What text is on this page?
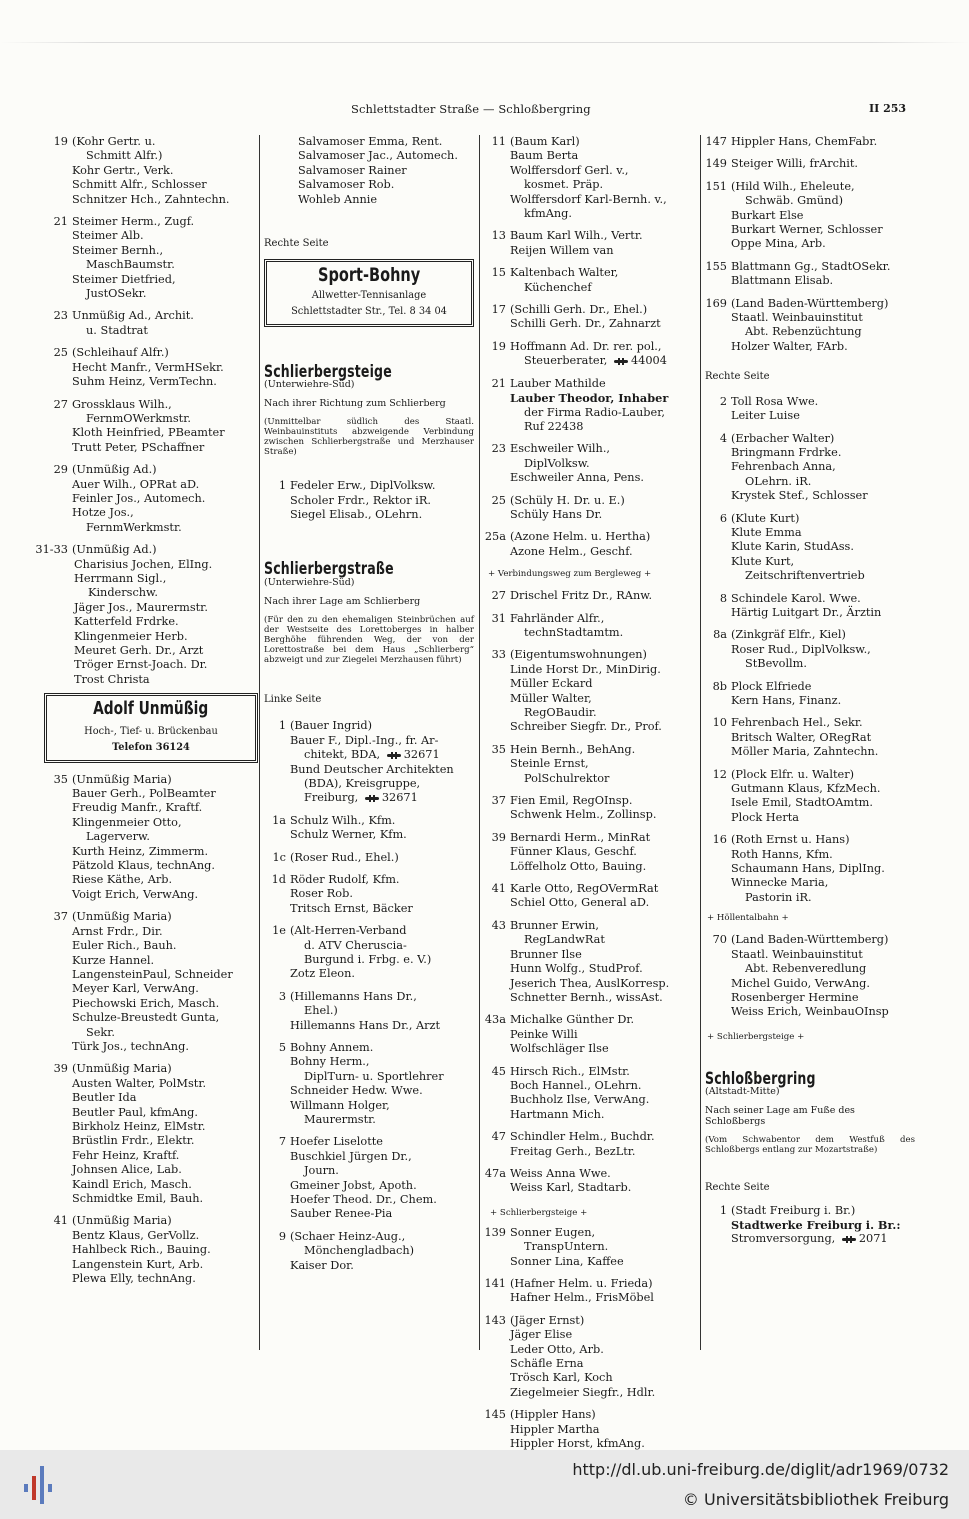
Schlettstadter Straße — Schloßbergring	II 253
19 (Kohr Gertr. u.
Schmitt Alfr.)
Kohr Gertr., Verk.
Schmitt Alfr., Schlosser
Schnitzer Hch., Zahntechn.
21 Steimer Herm., Zugf.
Steimer Alb.
Steimer Bernh.,
MaschBaumstr.
Steimer Dietfried,
JustOSekr.
23 Unmüßig Ad., Archit.
u. Stadtrat
25 (Schleihauf Alfr.)
Hecht Manfr., VermHSekr.
Suhm Heinz, VermTechn.
27 Grossklaus Wilh.,
FernmOWerkmstr.
Kloth Heinfried, PBeamter
Trutt Peter, PSchaffner
29 (Unmüßig Ad.)
Auer Wilh., OPRat aD.
Feinler Jos., Automech.
Hotze Jos.,
FernmWerkmstr.
31-33 (Unmüßig Ad.)
Charisius Jochen, ElIng.
Herrmann Sigl.,
Kinderschw.
Jäger Jos., Maurermstr.
Katterfeld Frdrke.
Klingenmeier Herb.
Meuret Gerh. Dr., Arzt
Tröger Ernst-Joach. Dr.
Trost Christa
Adolf Unmüßig
Hoch-, Tief- u. Brückenbau
Telefon 36124
35 (Unmüßig Maria)
Bauer Gerh., PolBeamter
Freudig Manfr., Kraftf.
Klingenmeier Otto,
Lagerverw.
Kurth Heinz, Zimmerm.
Pätzold Klaus, technAng.
Riese Käthe, Arb.
Voigt Erich, VerwAng.
37 (Unmüßig Maria)
Arnst Frdr., Dir.
Euler Rich., Bauh.
Kurze Hannel.
LangensteinPaul, Schneider
Meyer Karl, VerwAng.
Piechowski Erich, Masch.
Schulze-Breustedt Gunta,
Sekr.
Türk Jos., technAng.
39 (Unmüßig Maria)
Austen Walter, PolMstr.
Beutler Ida
Beutler Paul, kfmAng.
Birkholz Heinz, ElMstr.
Brüstlin Frdr., Elektr.
Fehr Heinz, Kraftf.
Johnsen Alice, Lab.
Kaindl Erich, Masch.
Schmidtke Emil, Bauh.
41 (Unmüßig Maria)
Bentz Klaus, GerVollz.
Hahlbeck Rich., Bauing.
Langenstein Kurt, Arb.
Plewa Elly, technAng.
Salvamoser Emma, Rent.
Salvamoser Jac., Automech.
Salvamoser Rainer
Salvamoser Rob.
Wohleb Annie
Rechte Seite
Sport-Bohny
Allwetter-Tennisanlage
Schlettstadter Str., Tel. 8 34 04
Schlierbergsteige
(Unterwiehre-Süd)
Nach ihrer Richtung zum Schlierberg
(Unmittelbar südlich des Staatl. Weinbauinstituts abzweigende Verbindung zwischen Schlierbergstraße und Merzhauser Straße)
1 Fedeler Erw., DiplVolksw.
Scholer Frdr., Rektor iR.
Siegel Elisab., OLehrn.
Schlierbergstraße
(Unterwiehre-Süd)
Nach ihrer Lage am Schlierberg
(Für den zu den ehemaligen Steinbrüchen auf der Westseite des Lorettoberges in halber Berghöhe führenden Weg, der von der Lorettostraße bei dem Haus „Schlierberg“ abzweigt und zur Ziegelei Merzhausen führt)
Linke Seite
1 (Bauer Ingrid)
Bauer F., Dipl.-Ing., fr. Ar-
chitekt, BDA, 32671
Bund Deutscher Architekten
(BDA), Kreisgruppe,
Freiburg, 32671
1a Schulz Wilh., Kfm.
Schulz Werner, Kfm.
1c (Roser Rud., Ehel.)
1d Röder Rudolf, Kfm.
Roser Rob.
Tritsch Ernst, Bäcker
1e (Alt-Herren-Verband
d. ATV Cheruscia-
Burgund i. Frbg. e. V.)
Zotz Eleon.
3 (Hillemanns Hans Dr.,
Ehel.)
Hillemanns Hans Dr., Arzt
5 Bohny Annem.
Bohny Herm.,
DiplTurn- u. Sportlehrer
Schneider Hedw. Wwe.
Willmann Holger,
Maurermstr.
7 Hoefer Liselotte
Buschkiel Jürgen Dr.,
Journ.
Gmeiner Jobst, Apoth.
Hoefer Theod. Dr., Chem.
Sauber Renee-Pia
9 (Schaer Heinz-Aug.,
Mönchengladbach)
Kaiser Dor.
11 (Baum Karl)
Baum Berta
Wolffersdorf Gerl. v.,
kosmet. Präp.
Wolffersdorf Karl-Bernh. v.,
kfmAng.
13 Baum Karl Wilh., Vertr.
Reijen Willem van
15 Kaltenbach Walter,
Küchenchef
17 (Schilli Gerh. Dr., Ehel.)
Schilli Gerh. Dr., Zahnarzt
19 Hoffmann Ad. Dr. rer. pol.,
Steuerberater, 44004
21 Lauber Mathilde
Lauber Theodor, Inhaber
der Firma Radio-Lauber,
Ruf 22438
23 Eschweiler Wilh.,
DiplVolksw.
Eschweiler Anna, Pens.
25 (Schüly H. Dr. u. E.)
Schüly Hans Dr.
25a (Azone Helm. u. Hertha)
Azone Helm., Geschf.
+ Verbindungsweg zum Bergleweg +
27 Drischel Fritz Dr., RAnw.
31 Fahrländer Alfr.,
technStadtamtm.
33 (Eigentumswohnungen)
Linde Horst Dr., MinDirig.
Müller Eckard
Müller Walter,
RegOBaudir.
Schreiber Siegfr. Dr., Prof.
35 Hein Bernh., BehAng.
Steinle Ernst,
PolSchulrektor
37 Fien Emil, RegOInsp.
Schwenk Helm., Zollinsp.
39 Bernardi Herm., MinRat
Fünner Klaus, Geschf.
Löffelholz Otto, Bauing.
41 Karle Otto, RegOVermRat
Schiel Otto, General aD.
43 Brunner Erwin,
RegLandwRat
Brunner Ilse
Hunn Wolfg., StudProf.
Jeserich Thea, AuslKorresp.
Schnetter Bernh., wissAst.
43a Michalke Günther Dr.
Peinke Willi
Wolfschläger Ilse
45 Hirsch Rich., ElMstr.
Boch Hannel., OLehrn.
Buchholz Ilse, VerwAng.
Hartmann Mich.
47 Schindler Helm., Buchdr.
Freitag Gerh., BezLtr.
47a Weiss Anna Wwe.
Weiss Karl, Stadtarb.
+ Schlierbergsteige +
139 Sonner Eugen,
TranspUntern.
Sonner Lina, Kaffee
141 (Hafner Helm. u. Frieda)
Hafner Helm., FrisMöbel
143 (Jäger Ernst)
Jäger Elise
Leder Otto, Arb.
Schäfle Erna
Trösch Karl, Koch
Ziegelmeier Siegfr., Hdlr.
145 (Hippler Hans)
Hippler Martha
Hippler Horst, kfmAng.
147 Hippler Hans, ChemFabr.
149 Steiger Willi, frArchit.
151 (Hild Wilh., Eheleute,
Schwäb. Gmünd)
Burkart Else
Burkart Werner, Schlosser
Oppe Mina, Arb.
155 Blattmann Gg., StadtOSekr.
Blattmann Elisab.
169 (Land Baden-Württemberg)
Staatl. Weinbauinstitut
Abt. Rebenzüchtung
Holzer Walter, FArb.
Rechte Seite
2 Toll Rosa Wwe.
Leiter Luise
4 (Erbacher Walter)
Bringmann Frdrke.
Fehrenbach Anna,
OLehrn. iR.
Krystek Stef., Schlosser
6 (Klute Kurt)
Klute Emma
Klute Karin, StudAss.
Klute Kurt,
Zeitschriftenvertrieb
8 Schindele Karol. Wwe.
Härtig Luitgart Dr., Ärztin
8a (Zinkgräf Elfr., Kiel)
Roser Rud., DiplVolksw.,
StBevollm.
8b Plock Elfriede
Kern Hans, Finanz.
10 Fehrenbach Hel., Sekr.
Britsch Walter, ORegRat
Möller Maria, Zahntechn.
12 (Plock Elfr. u. Walter)
Gutmann Klaus, KfzMech.
Isele Emil, StadtOAmtm.
Plock Herta
16 (Roth Ernst u. Hans)
Roth Hanns, Kfm.
Schaumann Hans, DiplIng.
Winnecke Maria,
Pastorin iR.
+ Höllentalbahn +
70 (Land Baden-Württemberg)
Staatl. Weinbauinstitut
Abt. Rebenveredlung
Michel Guido, VerwAng.
Rosenberger Hermine
Weiss Erich, WeinbauOInsp
+ Schlierbergsteige +
Schloßbergring
(Altstadt-Mitte)
Nach seiner Lage am Fuße des Schloßbergs
(Vom Schwabentor dem Westfuß des Schloßbergs entlang zur Mozartstraße)
Rechte Seite
1 (Stadt Freiburg i. Br.)
Stadtwerke Freiburg i. Br.:
Stromversorgung, 2071
http://dl.ub.uni-freiburg.de/diglit/adr1969/0732
© Universitätsbibliothek Freiburg
